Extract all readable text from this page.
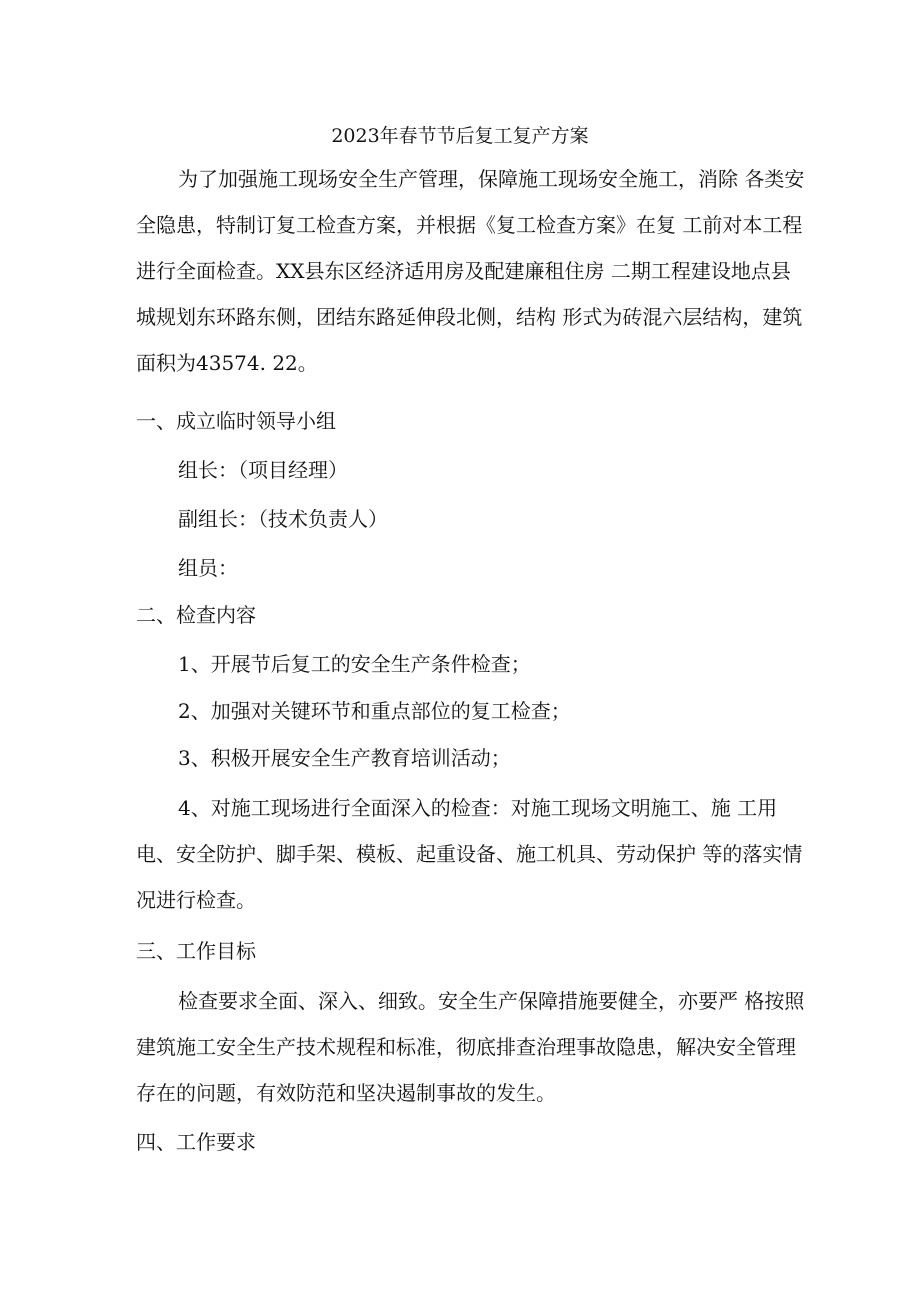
2023年春节节后复工复产方案
为了加强施工现场安全生产管理，保障施工现场安全施工，消除 各类安全隐患，特制订复工检查方案，并根据《复工检查方案》在复 工前对本工程进行全面检查。XX县东区经济适用房及配建廉租住房 二期工程建设地点县城规划东环路东侧，团结东路延伸段北侧，结构 形式为砖混六层结构，建筑面积为43574. 22。
一、成立临时领导小组
组长：（项目经理）
副组长：（技术负责人）
组员：
二、检查内容
1、开展节后复工的安全生产条件检查；
2、加强对关键环节和重点部位的复工检查；
3、积极开展安全生产教育培训活动；
4、对施工现场进行全面深入的检查：对施工现场文明施工、施 工用电、安全防护、脚手架、模板、起重设备、施工机具、劳动保护 等的落实情况进行检查。
三、工作目标
检查要求全面、深入、细致。安全生产保障措施要健全，亦要严 格按照建筑施工安全生产技术规程和标准，彻底排查治理事故隐患，解决安全管理存在的问题，有效防范和坚决遏制事故的发生。
四、工作要求
